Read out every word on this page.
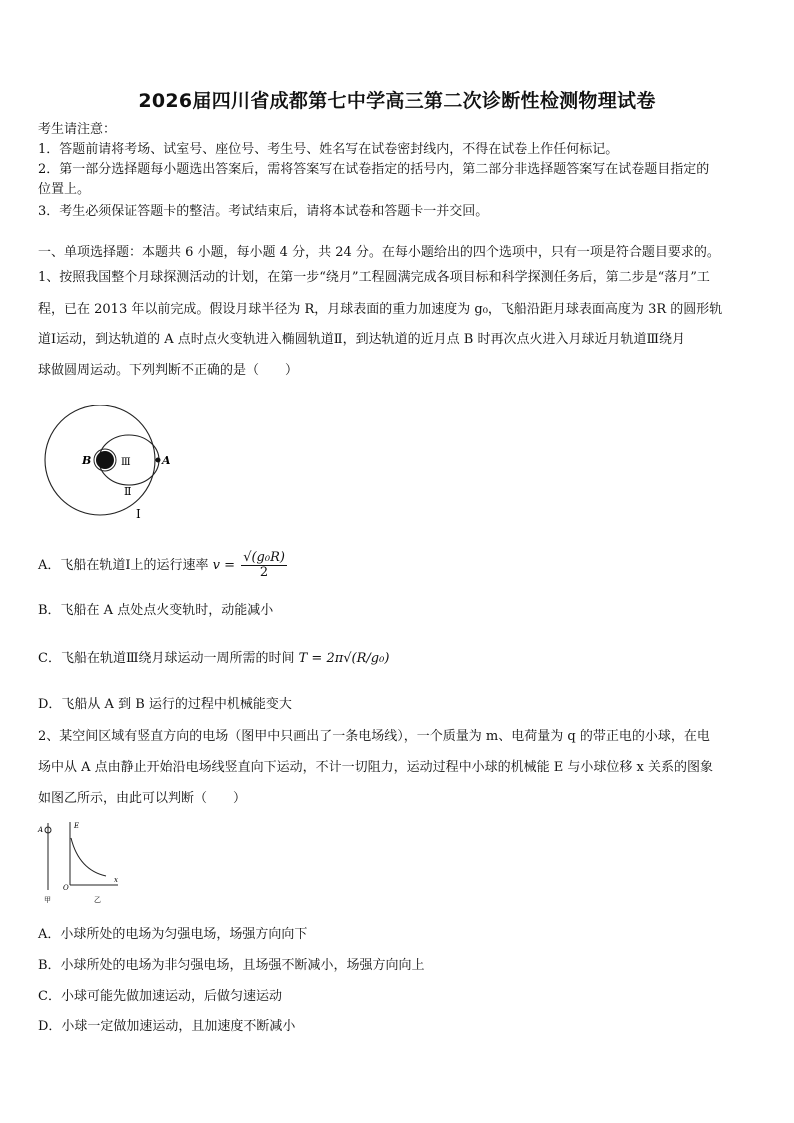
2026届四川省成都第七中学高三第二次诊断性检测物理试卷
考生请注意：
1．答题前请将考场、试室号、座位号、考生号、姓名写在试卷密封线内，不得在试卷上作任何标记。
2．第一部分选择题每小题选出答案后，需将答案写在试卷指定的括号内，第二部分非选择题答案写在试卷题目指定的
位置上。
3．考生必须保证答题卡的整洁。考试结束后，请将本试卷和答题卡一并交回。
一、单项选择题：本题共 6 小题，每小题 4 分，共 24 分。在每小题给出的四个选项中，只有一项是符合题目要求的。
1、按照我国整个月球探测活动的计划，在第一步“绕月”工程圆满完成各项目标和科学探测任务后，第二步是“落月”工
程，已在 2013 年以前完成。假设月球半径为 R，月球表面的重力加速度为 g₀，飞船沿距月球表面高度为 3R 的圆形轨
道Ⅰ运动，到达轨道的 A 点时点火变轨进入椭圆轨道Ⅱ，到达轨道的近月点 B 时再次点火进入月球近月轨道Ⅲ绕月
球做圆周运动。下列判断不正确的是（　　）
B	A
Ⅲ
Ⅱ
Ⅰ
A．飞船在轨道Ⅰ上的运行速率 $v = \frac{\text{√(g₀R)}}{2}$
B．飞船在 A 点处点火变轨时，动能减小
C．飞船在轨道Ⅲ绕月球运动一周所需的时间 T = 2π√(R/g₀)
D．飞船从 A 到 B 运行的过程中机械能变大
2、某空间区域有竖直方向的电场（图甲中只画出了一条电场线），一个质量为 m、电荷量为 q 的带正电的小球，在电
场中从 A 点由静止开始沿电场线竖直向下运动，不计一切阻力，运动过程中小球的机械能 E 与小球位移 x 关系的图象
如图乙所示，由此可以判断（　　）
A
甲
E
O
x
乙
A．小球所处的电场为匀强电场，场强方向向下
B．小球所处的电场为非匀强电场，且场强不断减小，场强方向向上
C．小球可能先做加速运动，后做匀速运动
D．小球一定做加速运动，且加速度不断减小
